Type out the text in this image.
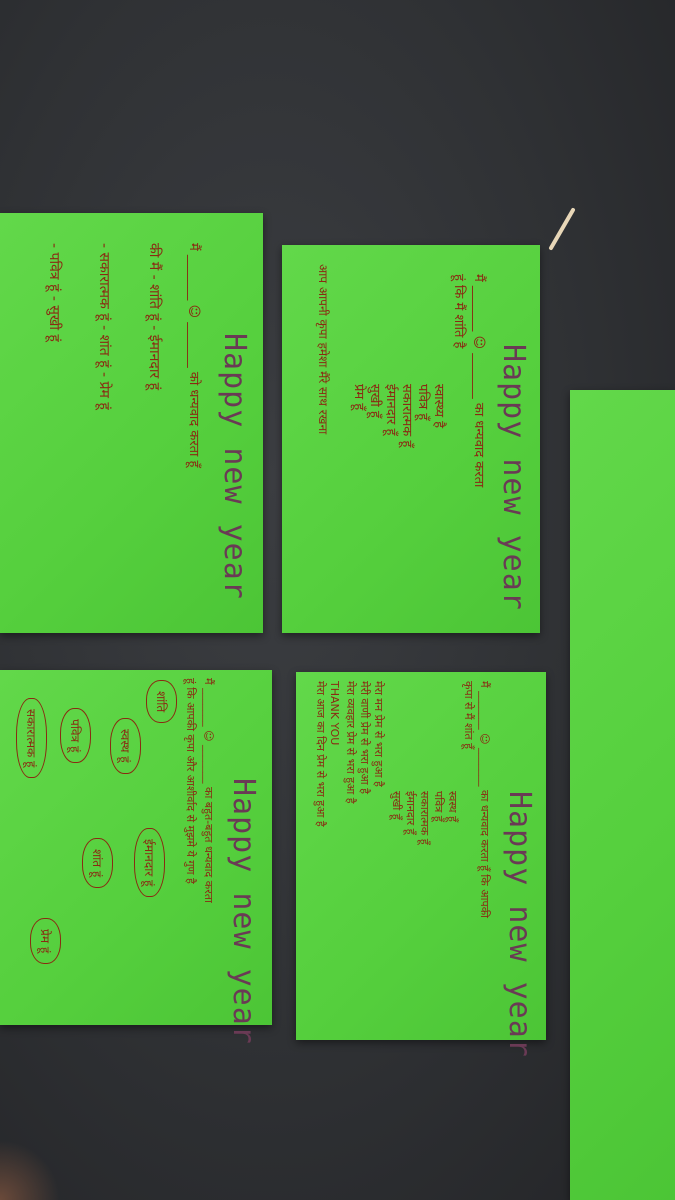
Happy new year
मैं _______ ☺ _______ को धन्यवाद करता हूँ
की मैं - शांति हूं - ईमानदार हूं
- सकारात्मक हूं - शांत हूं - प्रेम हूं
- पवित्र हूं - सुखी हूं
Happy new year
मैं _______ ☺ _______ का धन्यवाद करता
हूं कि मैं शांति है
स्वास्थ्य है
पवित्र हूँ
सकारात्मक हूँ
ईमानदार हूँ
सुखी हूँ
प्रेम हूँ
आप आपनी कृपा हमेशा मैंरे साथ रखना
Happy new year
मैं _______ ☺ _______ का बहुत-बहुत धन्यवाद करता
हूं कि आपकी कृपा और आशीर्वाद से मुझमे ये गुण है
शांति
स्वस्थ हूं
ईमानदार हूं
शांत हूं
प्रेम हूं
पवित्र हूं
सकारात्मक हूं
Happy new year
मैं _______ ☺ _______ का धन्यवाद करता हूँ कि आपकी
कृपा से मैं शांत हूँ
स्वस्थ हूँ
पवित्र हूँ
सकारात्मक हूँ
ईमानदार हूँ
सुखी हूँ
मेरा मन प्रेम से भरा हुआ है
मेरी वाणी प्रेम से भरा हुआ है
मेरा व्यवहार प्रेम से भरा हुआ है
THANK YOU
मेरा आज का दिन प्रेम से भरा हुआ है
